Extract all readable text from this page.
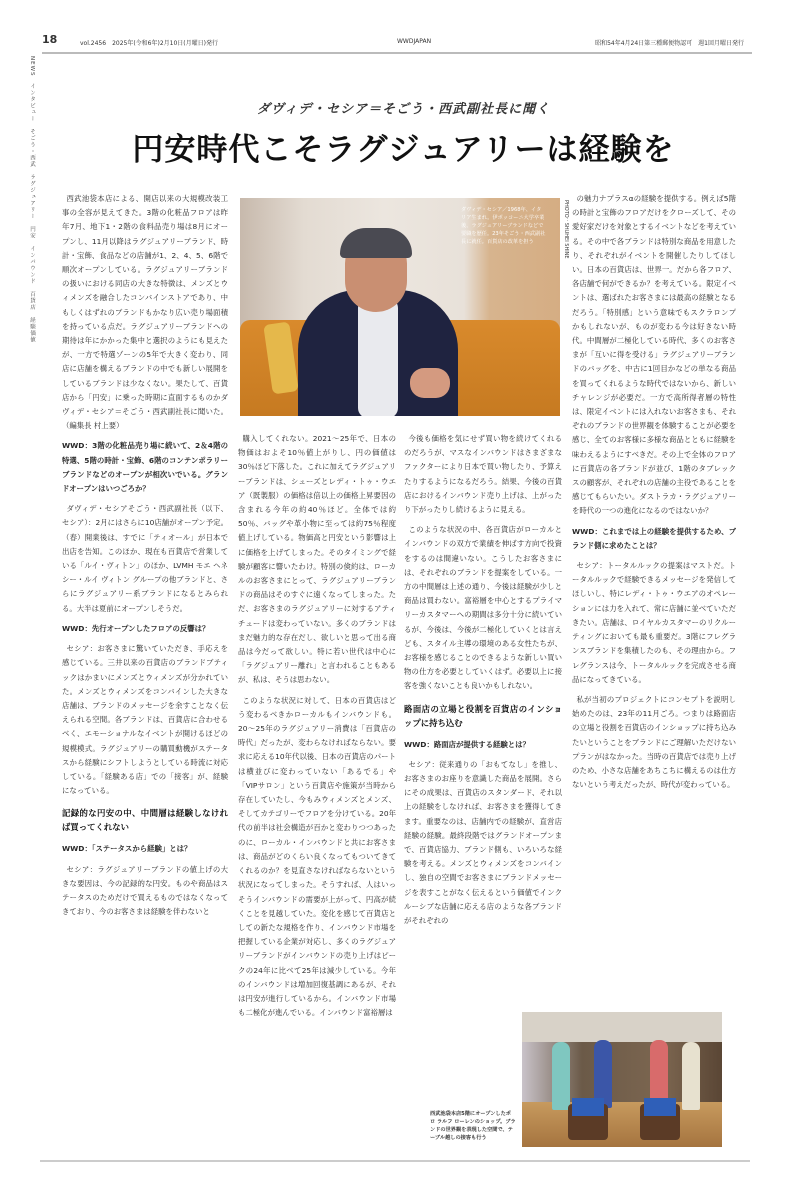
18	vol.2456　2025年(令和6年)2月10日(月曜日)発行	WWDJAPAN	昭和54年4月24日第三種郵便物認可　週1回月曜日発行
NEWS　インタビュー　そごう・西武　ラグジュアリー　円安　インバウンド　百貨店　経験価値	ダヴィデ・セシア＝そごう・西武副社長に聞く
円安時代こそラグジュアリーは経験を

西武池袋本店による、開店以来の大規模改装工事の全容が見えてきた。3階の化粧品フロアは昨年7月、地下1・2階の食料品売り場は8月にオープンし、11月以降はラグジュアリーブランド、時計・宝飾、食品などの店舗が1、2、4、5、6階で順次オープンしている。ラグジュアリーブランドの扱いにおける同店の大きな特徴は、メンズとウィメンズを融合したコンバインストアであり、中もしくはずれのブランドもかなり広い売り場面積を持っている点だ。ラグジュアリーブランドへの期待は年にかかった集中と選択のようにも見えたが、一方で特選ゾーンの5年で大きく変わり、同店に店舗を構えるブランドの中でも新しい展開をしているブランドは少なくない。果たして、百貨店から「円安」に乗った時期に直面するものかダヴィデ・セシア＝そごう・西武副社長に聞いた。（編集長 村上要）

WWD：3階の化粧品売り場に続いて、2＆4階の特選、5階の時計・宝飾、6階のコンテンポラリーブランドなどのオープンが相次いでいる。グランドオープンはいつごろか？

ダヴィデ・セシアそごう・西武副社長（以下、セシア）：2月にはさらに10店舗がオープン予定。（春）開業後は、すでに「ティオール」が日本で出店を告知。このほか、現在も百貨店で営業している「ルイ・ヴィトン」のほか、LVMH モエ ヘネシー・ルイ ヴィトン グループの他ブランドと、さらにラグジュアリー系ブランドになるとみられる。大半は夏前にオープンしそうだ。

WWD：先行オープンしたフロアの反響は？

セシア：お客さまに驚いていただき、手応えを感じている。三井以来の百貨店のブランドブティックはかまいにメンズとウィメンズが分かれていた。メンズとウィメンズをコンバインした大きな店舗は、ブランドのメッセージを余すことなく伝えられる空間。各ブランドは、百貨店に合わせるべく、エモーショナルなイベントが開けるほどの規模模式。ラグジュアリーの購買動機がステータスから経験にシフトしようとしている時流に対応している。「経験ある店」での「接客」が、経験になっている。

記録的な円安の中、中間層は経験しなければ買ってくれない

WWD：「ステータスから経験」とは？

セシア：ラグジュアリーブランドの値上げの大きな要因は、今の記録的な円安。ものや商品はステータスのためだけで買えるものではなくなってきており、今のお客さまは経験を伴わないと

ダヴィデ・セシア／1968年、イタリア生まれ。伊ボッコーニ大学卒業後、ラグジュアリーブランドなどで要職を歴任。23年そごう・西武副社長に就任。百貨店の改革を担う	PHOTO：SHUHEI SHINE

購入してくれない。2021〜25年で、日本の物価はおよそ10％値上がりし、円の価値は30％ほど下落した。これに加えてラグジュアリーブランドは、シューズとレディ・トゥ・ウエア（既製服）の価格は倍以上の価格上昇要因の含まれる今年の約40％ほど。全体では約50％、バッグや革小物に至っては約75％程度値上げしている。物価高と円安という影響は上に価格を上げてしまった。そのタイミングで経験が顧客に響いたわけ。特別の倹約は、ローカルのお客さまにとって、ラグジュアリーブランドの商品はそのすぐに遠くなってしまった。ただ、お客さまのラグジュアリーに対するアティチュードは変わっていない。多くのブランドはまだ魅力的な存在だし、欲しいと思って出る商品は今だって欲しい。特に若い世代は中心に「ラグジュアリー離れ」と言われることもあるが、私は、そうは思わない。

このような状況に対して、日本の百貨店はどう変わるべきかローカルもインバウンドも。20〜25年のラグジュアリー消費は「百貨店の時代」だったが、変わらなければならない。要求に応える10年代以後、日本の百貨店のパートは横並びに変わっていない「あるでる」や「VIPサロン」という百貨店や施策が当時から存在していたし、今もみウィメンズとメンズ、そしてカテゴリーでフロアを分けている。20年代の前半は社会構造が百かと変わりつつあったのに、ローカル・インバウンドと共にお客さまは、商品がどのくらい良くなってもついてきてくれるのか？を見直さなければならないという状況になってしまった。そうすれば、人はいっそうインバウンドの需要が上がって、円高が続くことを見越していた。変化を感じて百貨店としての新たな規格を作り、インバウンド市場を把握している企業が対応し、多くのラグジュアリーブランドがインバウンドの売り上げはピークの24年に比べて25年は減少している。今年のインバウンドは増加回復基調にあるが、それは円安が進行しているから。インバウンド市場も二極化が進んでいる。インバウンド富裕層は

今後も価格を気にせず買い物を続けてくれるのだろうが、マスなインバウンドはさまざまなファクターにより日本で買い物したり、予算えたりするようになるだろう。結果、今後の百貨店におけるインバウンド売り上げは、上がったり下がったりし続けるように見える。

このような状況の中、各百貨店がローカルとインバウンドの双方で業績を伸ばす方向で投資をするのは間違いない。こうしたお客さまには、それぞれのブランドを提案をしている。一方の中間層は上述の通り、今後は経験が少しと商品は買わない。富裕層を中心とするプライマリーカスタマーへの期間は多分十分に続いているが、今後は、今後が二極化していくとは言えども、スタイル主導の環境のある女性たちが、お客様を感じることのできるような新しい買い物の仕方を必要としていくはず。必要以上に接客を強くないことも良いかもしれない。

路面店の立場と役割を百貨店のインショップに持ち込む

WWD：路面店が提供する経験とは？

セシア：従来通りの「おもてなし」を推し、お客さまのお座りを意識した商品を展開。さらにその成果は、百貨店のスタンダード、それ以上の経験をしなければ、お客さまを獲得してきます。重要なのは、店舗内での経験が、直営店経験の経験。最終段階ではグランドオープンまで、百貨店協力、ブランド側も、いろいろな経験を考える。メンズとウィメンズをコンバインし、独自の空間でお客さまにブランドメッセージを表すことがなく伝えるという価値でインクルーシブな店舗に応える店のような各ブランドがそれぞれの

の魅力ナプラスαの経験を提供する。例えば5階の時計と宝飾のフロアだけをクローズして、その愛好家だけを対象とするイベントなどを考えている。その中で各ブランドは特別な商品を用意したり、それぞれがイベントを開催したりしてほしい。日本の百貨店は、世界一。だから各フロア、各店舗で何ができるか？を考えている。限定イベントは、選ばれたお客さまには最高の経験となるだろう。「特別感」という意味でもスクラロンプかもしれないが、ものが変わる今は好きない時代。中間層が二極化している時代、多くのお客さまが「互いに得を受ける」ラグジュアリーブランドのバッグを、中古に1回目かなどの単なる商品を買ってくれるような時代ではないから、新しいチャレンジが必要だ。一方で高所得者層の特性は、限定イベントには入れないお客さまも、それぞれのブランドの世界観を体験することが必要を感じ、全てのお客様に多様な商品とともに経験を味わえるようにすべきだ。その上で全体のフロアに百貨店の各ブランドが並び、1階のタブレックスの顧客が、それぞれの店舗の主役であることを感じてもらいたい。ダストラカ・ラグジュアリーを時代の一つの進化になるのではないか？

WWD：これまでは上の経験を提供するため、ブランド側に求めたことは？

セシア：トータルルックの提案はマストだ。トータルルックで経験できるメッセージを発信してほしいし、特にレディ・トゥ・ウエアのオペレーションには力を入れて、常に店舗に並べていただきたい。店舗は、ロイヤルカスタマーのリクルーティングにおいても最も重要だ。3階にフレグランスブランドを集積したのも、その理由から。フレグランスは今、トータルルックを完成させる商品になってきている。

私が当初のプロジェクトにコンセプトを説明し始めたのは、23年の11月ごろ。つまりは路面店の立場と役割を百貨店のインショップに持ち込みたいということをブランドにご理解いただけないプランがはなかった。当時の百貨店では売り上げのため、小さな店舗をあちこちに構えるのは仕方ないという考えだったが、時代が変わっている。

西武池袋本店5階にオープンしたポロ ラルフ ローレンのショップ。ブランドの世界観を表現した空間で、テーブル越しの接客も行う
